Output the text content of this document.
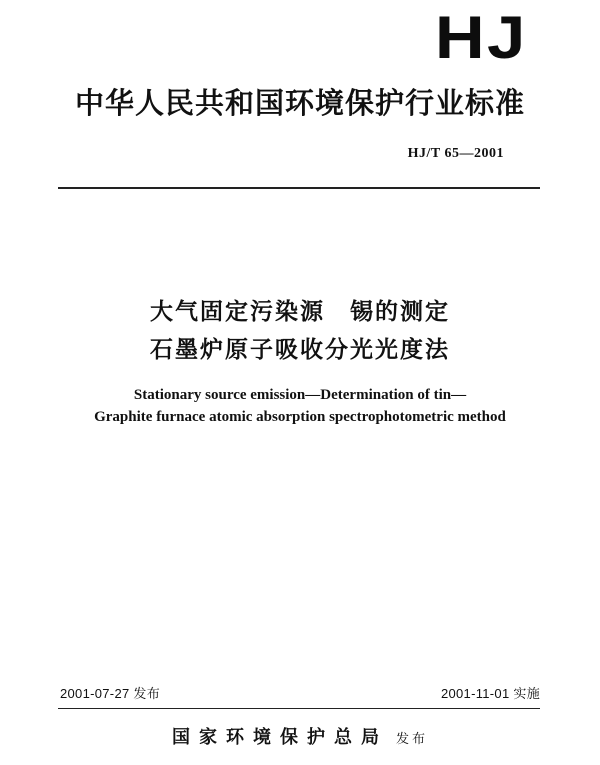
HJ
中华人民共和国环境保护行业标准
HJ/T 65—2001
大气固定污染源　锡的测定
石墨炉原子吸收分光光度法
Stationary source emission—Determination of tin—
Graphite furnace atomic absorption spectrophotometric method
2001-07-27 发布	2001-11-01 实施
国家环境保护总局 发布
